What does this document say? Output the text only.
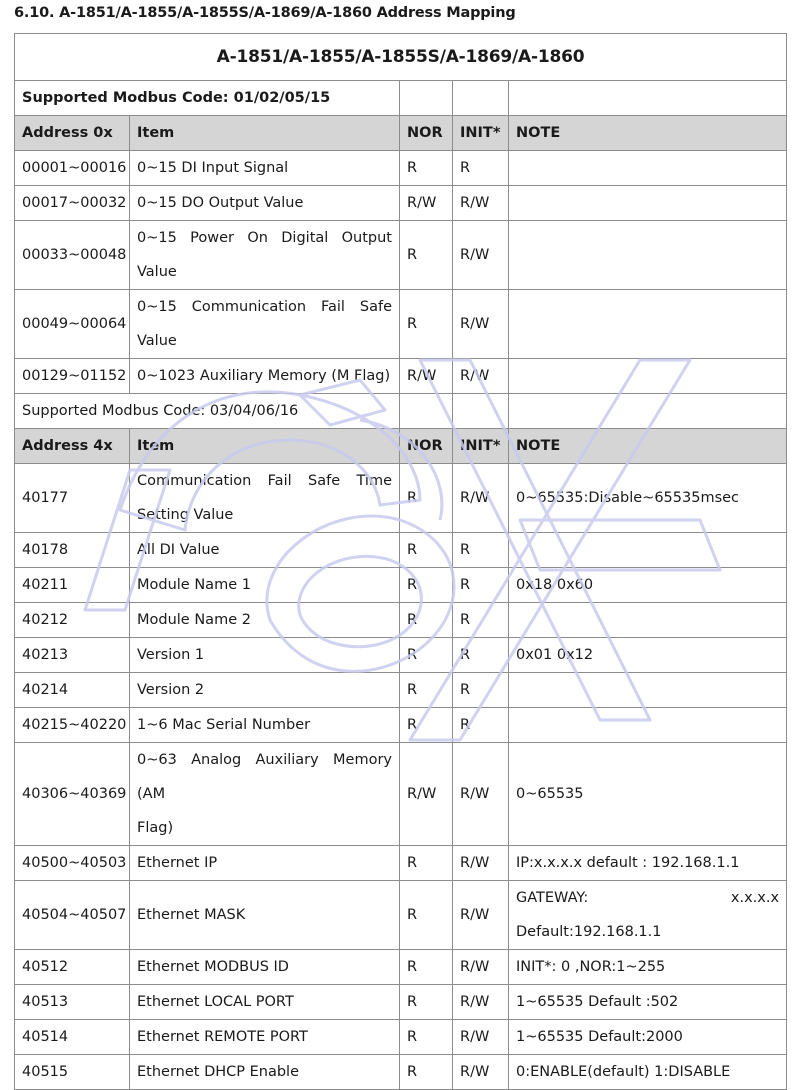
6.10. A-1851/A-1855/A-1855S/A-1869/A-1860 Address Mapping
A-1851/A-1855/A-1855S/A-1869/A-1860				
Supported Modbus Code: 01/02/05/15				
Address 0x	Item	NOR	INIT*	NOTE
00001~00016	0~15 DI Input Signal	R	R	
00017~00032	0~15 DO Output Value	R/W	R/W	
00033~00048	0~15 Power On Digital Output
Value	R	R/W	
00049~00064	0~15 Communication Fail Safe
Value	R	R/W	
00129~01152	0~1023 Auxiliary Memory (M Flag)	R/W	R/W	
Supported Modbus Code: 03/04/06/16				
Address 4x	Item	NOR	INIT*	NOTE
40177	Communication Fail Safe Time
Setting Value	R	R/W	0~65535:Disable~65535msec
40178	All DI Value	R	R	
40211	Module Name 1	R	R	0x18 0x60
40212	Module Name 2	R	R	
40213	Version 1	R	R	0x01 0x12
40214	Version 2	R	R	
40215~40220	1~6 Mac Serial Number	R	R	
40306~40369	0~63 Analog Auxiliary Memory (AM
Flag)	R/W	R/W	0~65535
40500~40503	Ethernet IP	R	R/W	IP:x.x.x.x default : 192.168.1.1
40504~40507	Ethernet MASK	R	R/W	GATEWAY: x.x.x.x
Default:192.168.1.1

40512	Ethernet MODBUS ID	R	R/W	INIT*: 0 ,NOR:1~255
40513	Ethernet LOCAL PORT	R	R/W	1~65535 Default :502
40514	Ethernet REMOTE PORT	R	R/W	1~65535 Default:2000
40515	Ethernet DHCP Enable	R	R/W	0:ENABLE(default) 1:DISABLE
